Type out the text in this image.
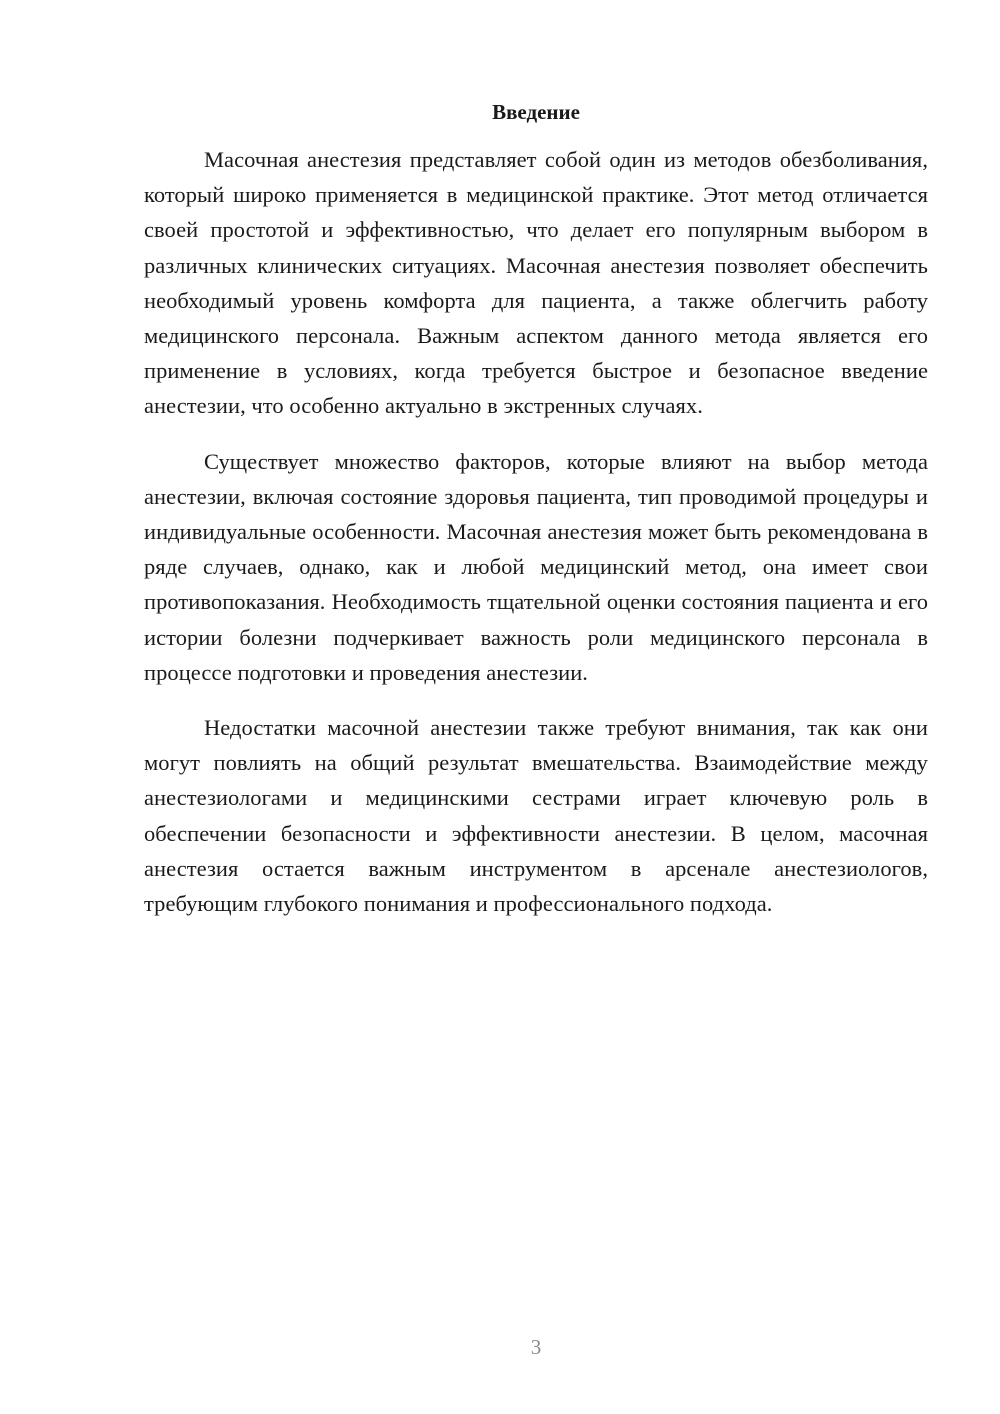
Введение

Масочная анестезия представляет собой один из методов обезболивания, который широко применяется в медицинской практике. Этот метод отличается своей простотой и эффективностью, что делает его популярным выбором в различных клинических ситуациях. Масочная анестезия позволяет обеспечить необходимый уровень комфорта для пациента, а также облегчить работу медицинского персонала. Важным аспектом данного метода является его применение в условиях, когда требуется быстрое и безопасное введение анестезии, что особенно актуально в экстренных случаях.

Существует множество факторов, которые влияют на выбор метода анестезии, включая состояние здоровья пациента, тип проводимой процедуры и индивидуальные особенности. Масочная анестезия может быть рекомендована в ряде случаев, однако, как и любой медицинский метод, она имеет свои противопоказания. Необходимость тщательной оценки состояния пациента и его истории болезни подчеркивает важность роли медицинского персонала в процессе подготовки и проведения анестезии.

Недостатки масочной анестезии также требуют внимания, так как они могут повлиять на общий результат вмешательства. Взаимодействие между анестезиологами и медицинскими сестрами играет ключевую роль в обеспечении безопасности и эффективности анестезии. В целом, масочная анестезия остается важным инструментом в арсенале анестезиологов, требующим глубокого понимания и профессионального подхода.

3
